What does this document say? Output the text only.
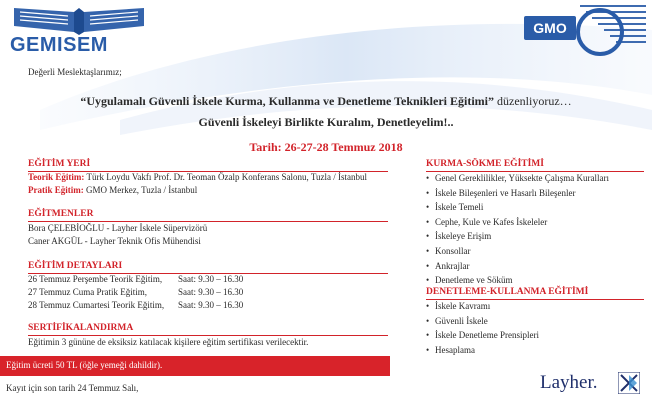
GEMISEM
GMO
Değerli Meslektaşlarımız;
“Uygulamalı Güvenli İskele Kurma, Kullanma ve Denetleme Teknikleri Eğitimi” düzenliyoruz…
Güvenli İskeleyi Birlikte Kuralım, Denetleyelim!..
Tarih: 26-27-28 Temmuz 2018
EĞİTİM YERİ
Teorik Eğitim: Türk Loydu Vakfı Prof. Dr. Teoman Özalp Konferans Salonu, Tuzla / İstanbul
Pratik Eğitim: GMO Merkez, Tuzla / İstanbul
EĞİTMENLER
Bora ÇELEBİOĞLU - Layher İskele Süpervizörü
Caner AKGÜL - Layher Teknik Ofis Mühendisi
EĞİTİM DETAYLARI
26 Temmuz Perşembe Teorik Eğitim, Saat: 9.30 – 16.30
27 Temmuz Cuma Pratik Eğitim,	Saat: 9.30 – 16.30
28 Temmuz Cumartesi Teorik Eğitim, Saat: 9.30 – 16.30
SERTİFİKALANDIRMA
Eğitimin 3 gününe de eksiksiz katılacak kişilere eğitim sertifikası verilecektir.
KURMA-SÖKME EĞİTİMİ
• Genel Gereklilikler, Yüksekte Çalışma Kuralları
• İskele Bileşenleri ve Hasarlı Bileşenler
• İskele Temeli
• Cephe, Kule ve Kafes İskeleler
• İskeleye Erişim
• Konsollar
• Ankrajlar
• Denetleme ve Söküm
DENETLEME-KULLANMA EĞİTİMİ
• İskele Kavramı
• Güvenli İskele
• İskele Denetleme Prensipleri
• Hesaplama
Eğitim ücreti 50 TL (öğle yemeği dahildir).
Kayıt için son tarih 24 Temmuz Salı,	Layher.
